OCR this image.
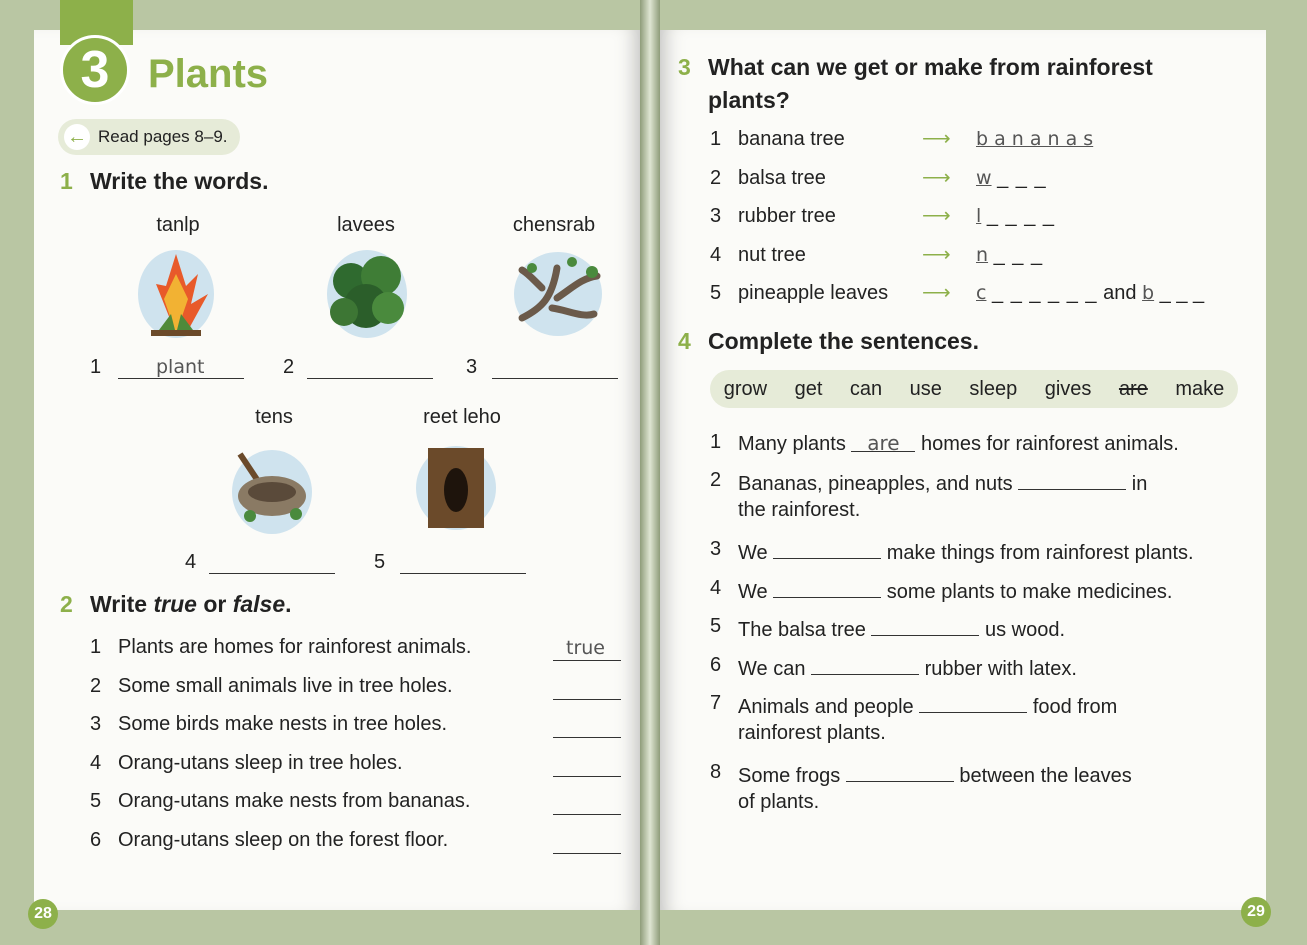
3 Plants
← Read pages 8–9.
1 Write the words.
tanlp	lavees	chensrab
1	plant	2	3
tens	reet leho
4	5
2 Write true or false.
1 Plants are homes for rainforest animals.	true
2 Some small animals live in tree holes.
3 Some birds make nests in tree holes.
4 Orang-utans sleep in tree holes.
5 Orang-utans make nests from bananas.
6 Orang-utans sleep on the forest floor.
3 What can we get or make from rainforest
plants?
1 banana tree	⟶ b a n a n a s
2 balsa tree	⟶ w _ _ _
3 rubber tree	⟶ l _ _ _ _
4 nut tree	⟶ n _ _ _
5 pineapple leaves ⟶ c _ _ _ _ _ _ and b _ _ _
4 Complete the sentences.
grow get can use sleep gives are make
1 Many plants are homes for rainforest animals.
2 Bananas, pineapples, and nuts	in
the rainforest.
3 We	make things from rainforest plants.
4 We	some plants to make medicines.
5 The balsa tree	us wood.
6 We can	rubber with latex.
7 Animals and people	food from
rainforest plants.
8 Some frogs	between the leaves
of plants.
28	29
